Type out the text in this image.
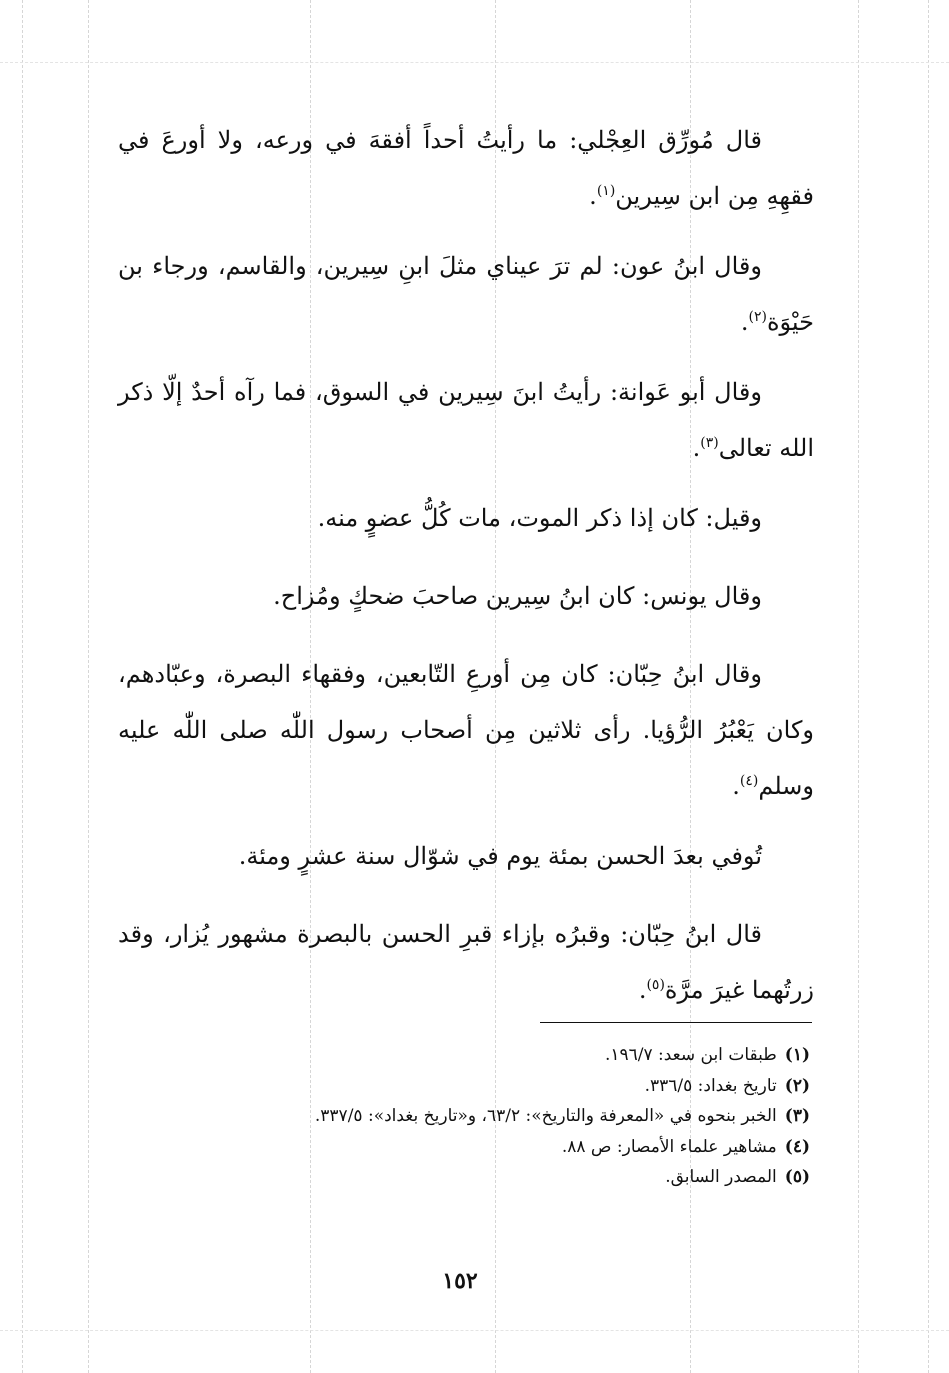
قال مُورِّق العِجْلي: ما رأيتُ أحداً أفقهَ في ورعه، ولا أورعَ في فقهِهِ مِن ابن سِيرين$^{(١)}$.

وقال ابنُ عون: لم ترَ عيناي مثلَ ابنِ سِيرين، والقاسم، ورجاء بن حَيْوَة$^{(٢)}$.

وقال أبو عَوانة: رأيتُ ابنَ سِيرين في السوق، فما رآه أحدٌ إلّا ذكر الله تعالى$^{(٣)}$.

وقيل: كان إذا ذكر الموت، مات كُلُّ عضوٍ منه.

وقال يونس: كان ابنُ سِيرين صاحبَ ضحكٍ ومُزاح.

وقال ابنُ حِبّان: كان مِن أورعِ التّابعين، وفقهاء البصرة، وعبّادهم، وكان يَعْبُرُ الرُّؤيا. رأى ثلاثين مِن أصحاب رسول اللّٰه صلى اللّٰه عليه وسلم$^{(٤)}$.

تُوفي بعدَ الحسن بمئة يوم في شوّال سنة عشرٍ ومئة.

قال ابنُ حِبّان: وقبرُه بإزاء قبرِ الحسن بالبصرة مشهور يُزار، وقد زرتُهما غيرَ مرَّة$^{(٥)}$.

(١)طبقات ابن سعد: ١٩٦/٧.
(٢)تاريخ بغداد: ٣٣٦/٥.
(٣)الخبر بنحوه في «المعرفة والتاريخ»: ٦٣/٢، و«تاريخ بغداد»: ٣٣٧/٥.
(٤)مشاهير علماء الأمصار: ص ٨٨.
(٥)المصدر السابق.
١٥٢
